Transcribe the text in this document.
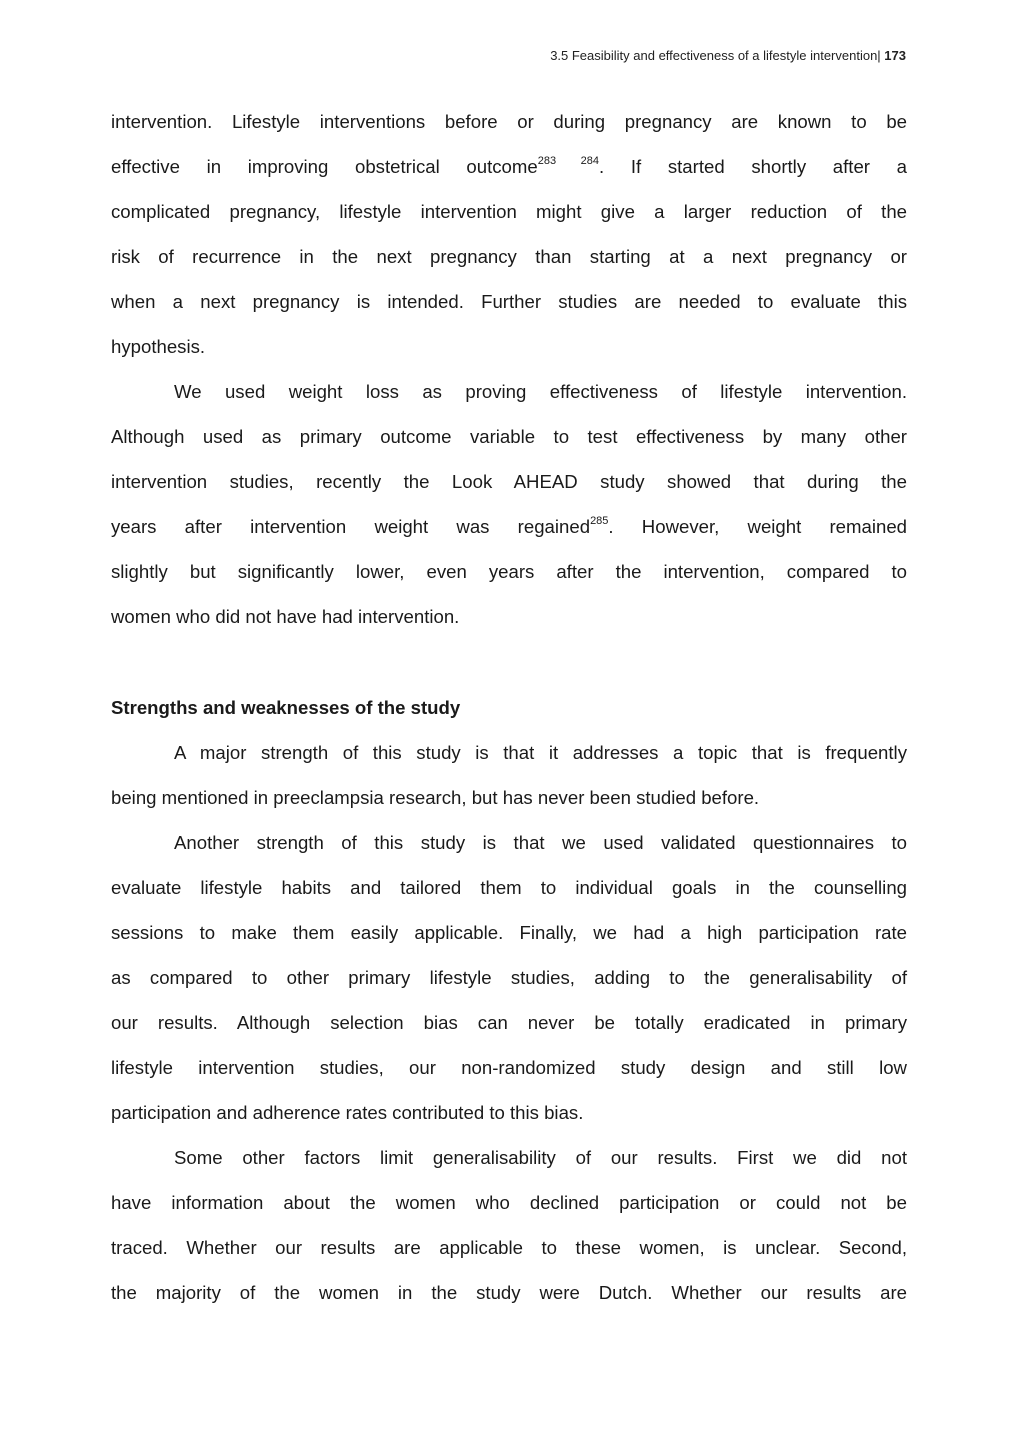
3.5 Feasibility and effectiveness of a lifestyle intervention| 173
intervention. Lifestyle interventions before or during pregnancy are known to be
effective in improving obstetrical outcome$^{283 284}$. If started shortly after a
complicated pregnancy, lifestyle intervention might give a larger reduction of the
risk of recurrence in the next pregnancy than starting at a next pregnancy or
when a next pregnancy is intended. Further studies are needed to evaluate this
hypothesis.
We used weight loss as proving effectiveness of lifestyle intervention.
Although used as primary outcome variable to test effectiveness by many other
intervention studies, recently the Look AHEAD study showed that during the
years after intervention weight was regained$^{285}$. However, weight remained
slightly but significantly lower, even years after the intervention, compared to
women who did not have had intervention.
Strengths and weaknesses of the study
A major strength of this study is that it addresses a topic that is frequently
being mentioned in preeclampsia research, but has never been studied before.
Another strength of this study is that we used validated questionnaires to
evaluate lifestyle habits and tailored them to individual goals in the counselling
sessions to make them easily applicable. Finally, we had a high participation rate
as compared to other primary lifestyle studies, adding to the generalisability of
our results. Although selection bias can never be totally eradicated in primary
lifestyle intervention studies, our non-randomized study design and still low
participation and adherence rates contributed to this bias.
Some other factors limit generalisability of our results. First we did not
have information about the women who declined participation or could not be
traced. Whether our results are applicable to these women, is unclear. Second,
the majority of the women in the study were Dutch. Whether our results are
